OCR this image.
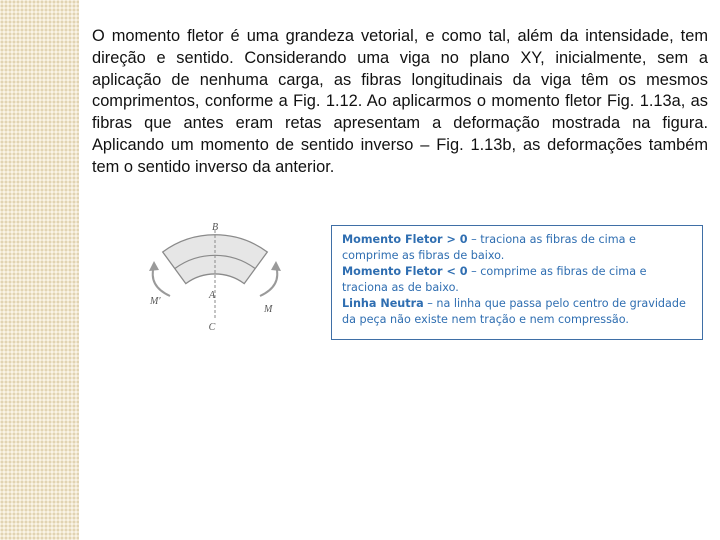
O momento fletor é uma grandeza vetorial, e como tal, além da intensidade, tem direção e sentido. Considerando uma viga no plano XY, inicialmente, sem a aplicação de nenhuma carga, as fibras longitudinais da viga têm os mesmos comprimentos, conforme a Fig. 1.12. Ao aplicarmos o momento fletor Fig. 1.13a, as fibras que antes eram retas apresentam a deformação mostrada na figura. Aplicando um momento de sentido inverso – Fig. 1.13b, as deformações também tem o sentido inverso da anterior.

B
A
C
M′
M

Momento Fletor > 0 – traciona as fibras de cima e comprime as fibras de baixo.

Momento Fletor < 0 – comprime as fibras de cima e traciona as de baixo.

Linha Neutra – na linha que passa pelo centro de gravidade da peça não existe nem tração e nem compressão.
